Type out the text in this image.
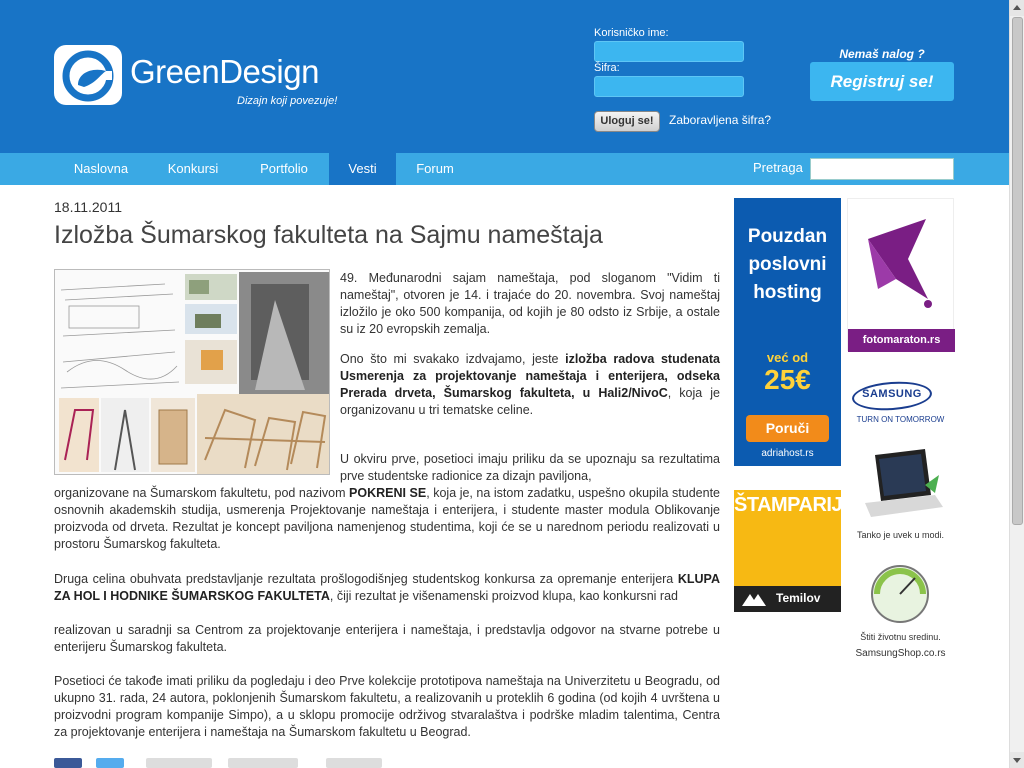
GreenDesign
Dizajn koji povezuje!
Korisničko ime:
Šifra:
Uloguj se!	Zaboravljena šifra?
Nemaš nalog ?
Registruj se!
Naslovna	Konkursi	Portfolio	Vesti	Forum	Pretraga
18.11.2011
Izložba Šumarskog fakulteta na Sajmu nameštaja
49. Međunarodni sajam nameštaja, pod sloganom "Vidim ti nameštaj", otvoren je 14. i trajaće do 20. novembra. Svoj nameštaj izložilo je oko 500 kompanija, od kojih je 80 odsto iz Srbije, a ostale su iz 20 evropskih zemalja.
Ono što mi svakako izdvajamo, jeste izložba radova studenata Usmerenja za projektovanje nameštaja i enterijera, odseka Prerada drveta, Šumarskog fakulteta, u Hali2/NivoC, koja je organizovanu u tri tematske celine.
U okviru prve, posetioci imaju priliku da se upoznaju sa rezultatima prve studentske radionice za dizajn paviljona,
organizovane na Šumarskom fakultetu, pod nazivom POKRENI SE, koja je, na istom zadatku, uspešno okupila studente osnovnih akademskih studija, usmerenja Projektovanje nameštaja i enterijera, i studente master modula Oblikovanje proizvoda od drveta. Rezultat je koncept paviljona namenjenog studentima, koji će se u narednom periodu realizovati u prostoru Šumarskog fakulteta.
Druga celina obuhvata predstavljanje rezultata prošlogodišnjeg studentskog konkursa za opremanje enterijera KLUPA ZA HOL I HODNIKE ŠUMARSKOG FAKULTETA, čiji rezultat je višenamenski proizvod klupa, kao konkursni rad
realizovan u saradnji sa Centrom za projektovanje enterijera i nameštaja, i predstavlja odgovor na stvarne potrebe u enterijeru Šumarskog fakulteta.
Posetioci će takođe imati priliku da pogledaju i deo Prve kolekcije prototipova nameštaja na Univerzitetu u Beogradu, od ukupno 31. rada, 24 autora, poklonjenih Šumarskom fakultetu, a realizovanih u proteklih 6 godina (od kojih 4 uvrštena u proizvodni program kompanije Simpo), a u sklopu promocije održivog stvaralaštva i podrške mladim talentima, Centra za projektovanje enterijera i nameštaja na Šumarskom fakultetu u Beograd.
Pouzdan poslovni hosting
već od
25€
Poruči
adriahost.rs
fotomaraton.rs
ŠTAMPARIJA
Temilov
SAMSUNG
TURN ON TOMORROW
Tanko je uvek u modi.
Štiti životnu sredinu.
SamsungShop.co.rs
